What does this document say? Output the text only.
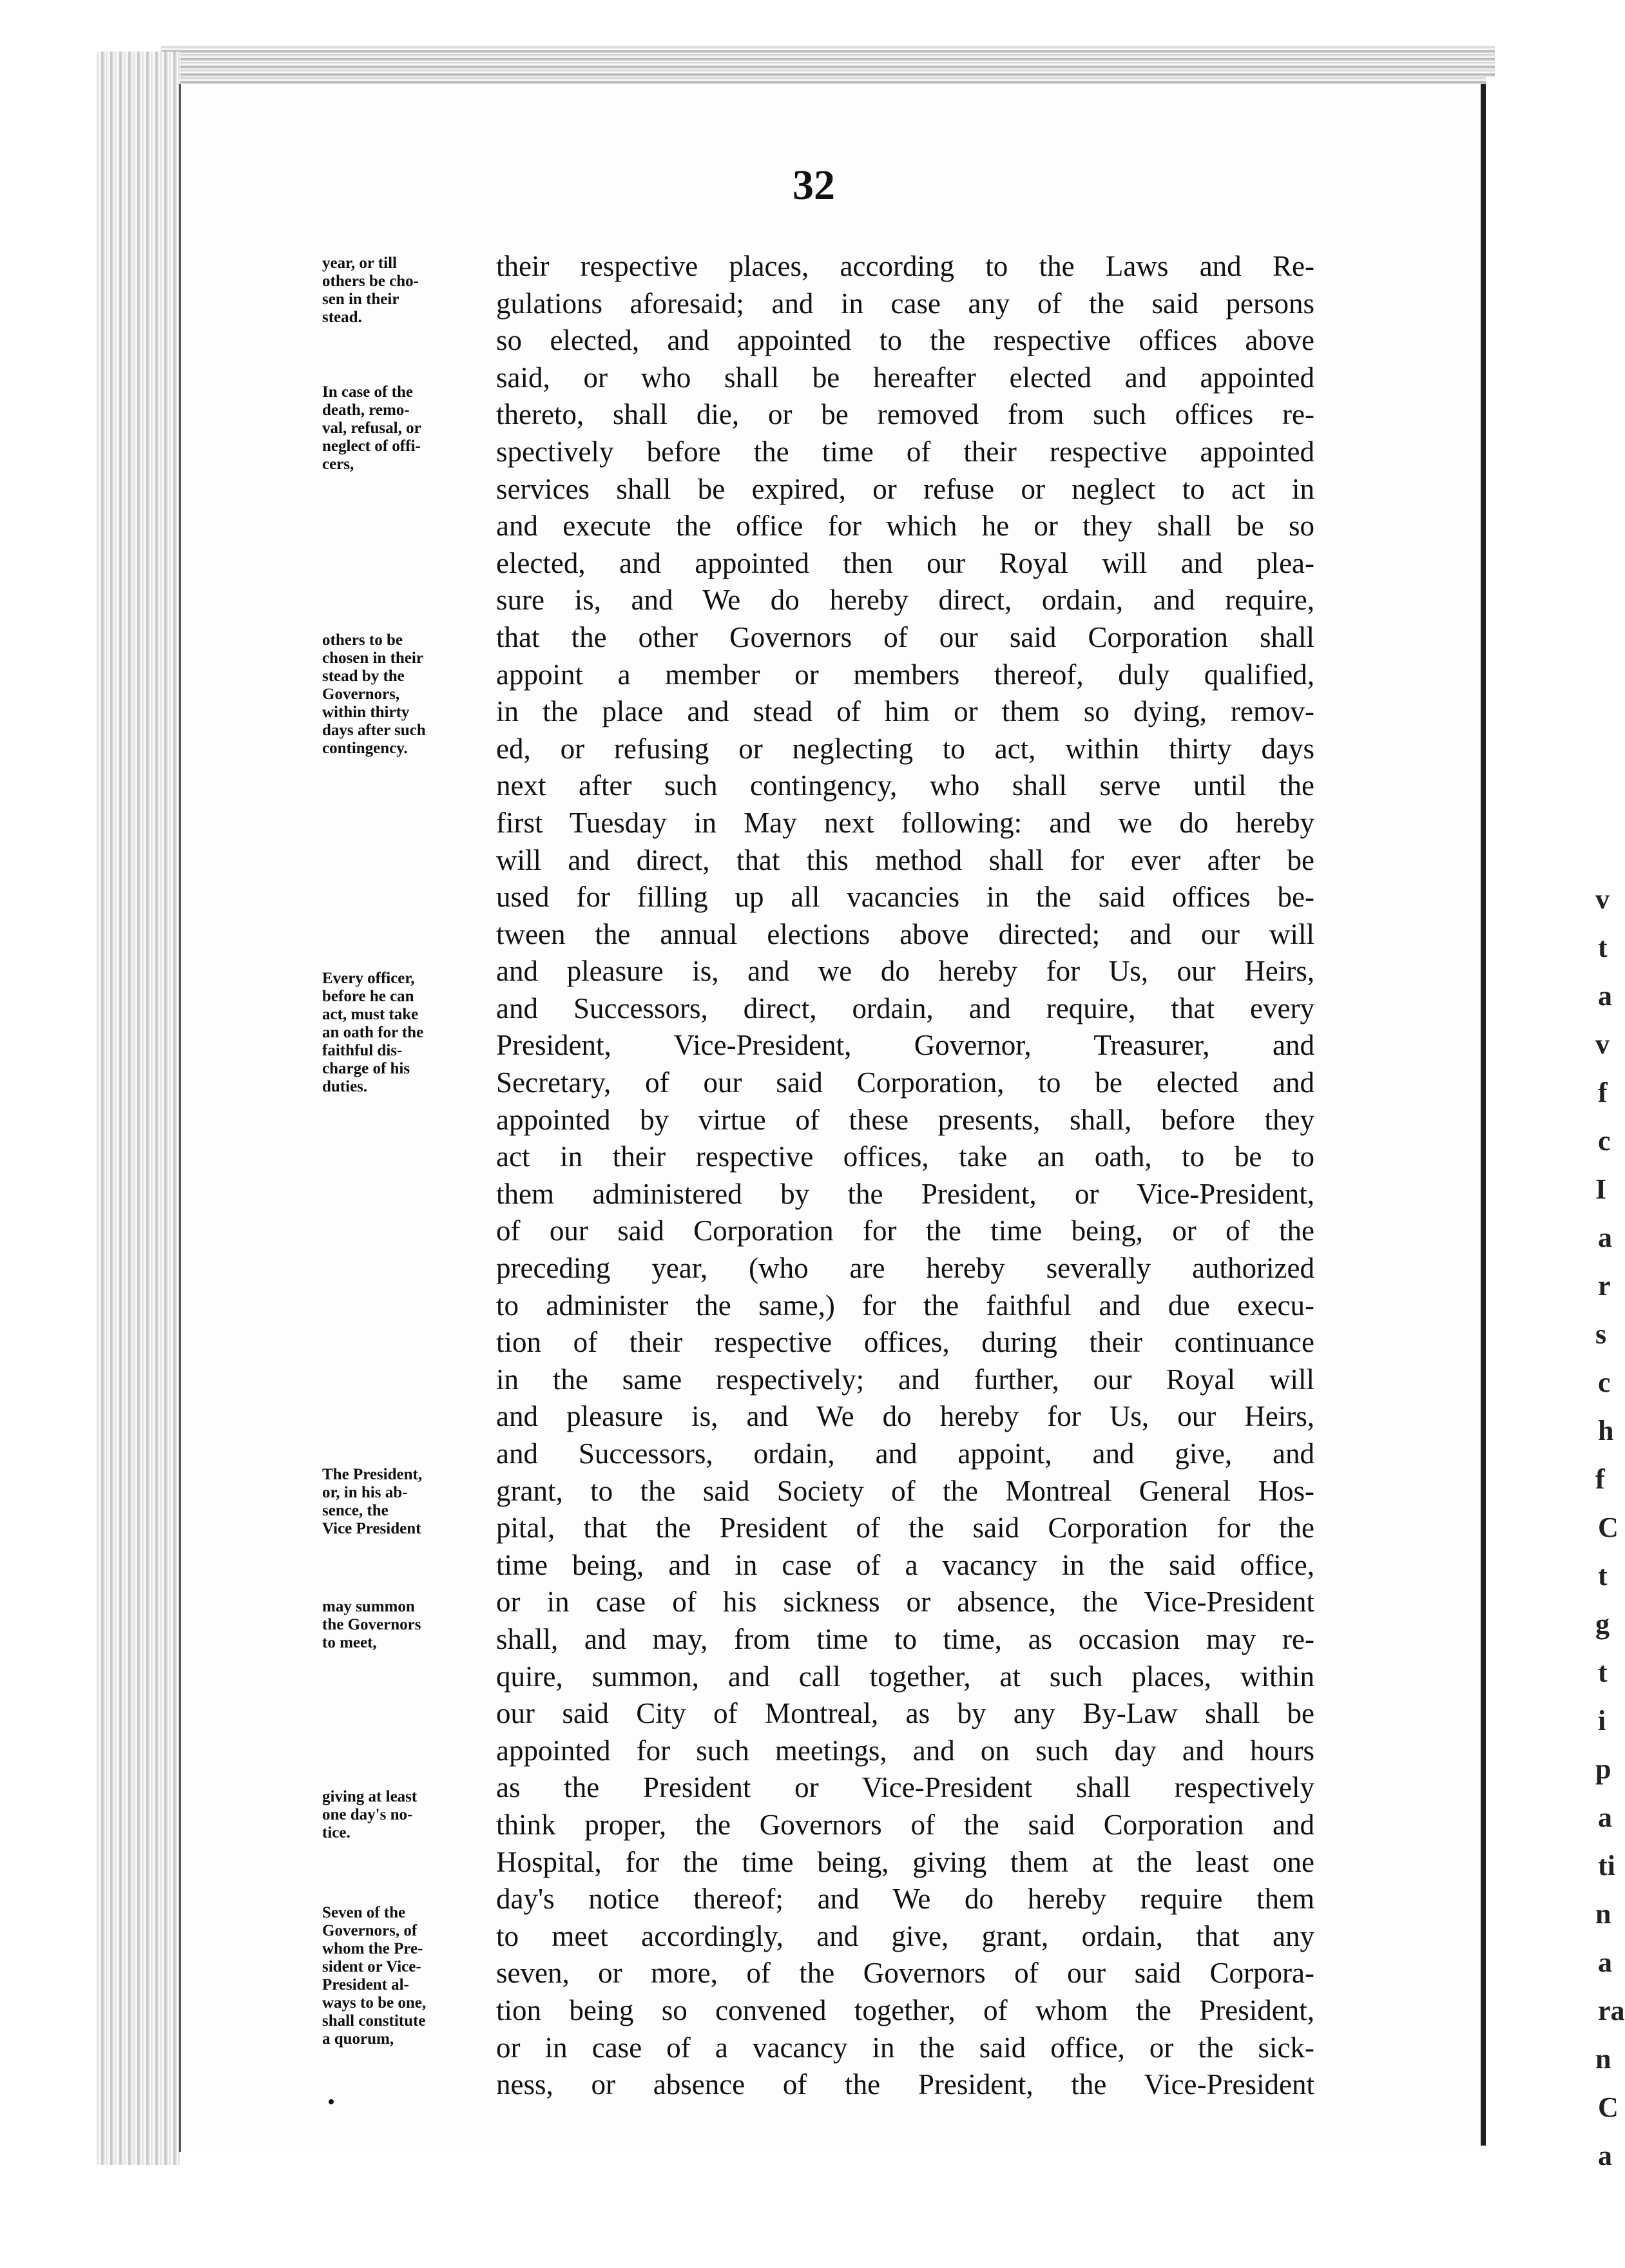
v
t
a
v
f
c
I
a
r
s
c
h
f
C
t
g
t
i
p
a
ti
n
a
ra
n
C
a
32
their respective places, according to the Laws and Re-
gulations aforesaid; and in case any of the said persons
so elected, and appointed to the respective offices above
said, or who shall be hereafter elected and appointed
thereto, shall die, or be removed from such offices re-
spectively before the time of their respective appointed
services shall be expired, or refuse or neglect to act in
and execute the office for which he or they shall be so
elected, and appointed then our Royal will and plea-
sure is, and We do hereby direct, ordain, and require,
that the other Governors of our said Corporation shall
appoint a member or members thereof, duly qualified,
in the place and stead of him or them so dying, remov-
ed, or refusing or neglecting to act, within thirty days
next after such contingency, who shall serve until the
first Tuesday in May next following: and we do hereby
will and direct, that this method shall for ever after be
used for filling up all vacancies in the said offices be-
tween the annual elections above directed; and our will
and pleasure is, and we do hereby for Us, our Heirs,
and Successors, direct, ordain, and require, that every
President, Vice-President, Governor, Treasurer, and
Secretary, of our said Corporation, to be elected and
appointed by virtue of these presents, shall, before they
act in their respective offices, take an oath, to be to
them administered by the President, or Vice-President,
of our said Corporation for the time being, or of the
preceding year, (who are hereby severally authorized
to administer the same,) for the faithful and due execu-
tion of their respective offices, during their continuance
in the same respectively; and further, our Royal will
and pleasure is, and We do hereby for Us, our Heirs,
and Successors, ordain, and appoint, and give, and
grant, to the said Society of the Montreal General Hos-
pital, that the President of the said Corporation for the
time being, and in case of a vacancy in the said office,
or in case of his sickness or absence, the Vice-President
shall, and may, from time to time, as occasion may re-
quire, summon, and call together, at such places, within
our said City of Montreal, as by any By-Law shall be
appointed for such meetings, and on such day and hours
as the President or Vice-President shall respectively
think proper, the Governors of the said Corporation and
Hospital, for the time being, giving them at the least one
day's notice thereof; and We do hereby require them
to meet accordingly, and give, grant, ordain, that any
seven, or more, of the Governors of our said Corpora-
tion being so convened together, of whom the President,
or in case of a vacancy in the said office, or the sick-
ness, or absence of the President, the Vice-President
year, or till
others be cho-
sen in their
stead.
In case of the
death, remo-
val, refusal, or
neglect of offi-
cers,
others to be
chosen in their
stead by the
Governors,
within thirty
days after such
contingency.
Every officer,
before he can
act, must take
an oath for the
faithful dis-
charge of his
duties.
The President,
or, in his ab-
sence, the
Vice President
may summon
the Governors
to meet,
giving at least
one day's no-
tice.
Seven of the
Governors, of
whom the Pre-
sident or Vice-
President al-
ways to be one,
shall constitute
a quorum,
